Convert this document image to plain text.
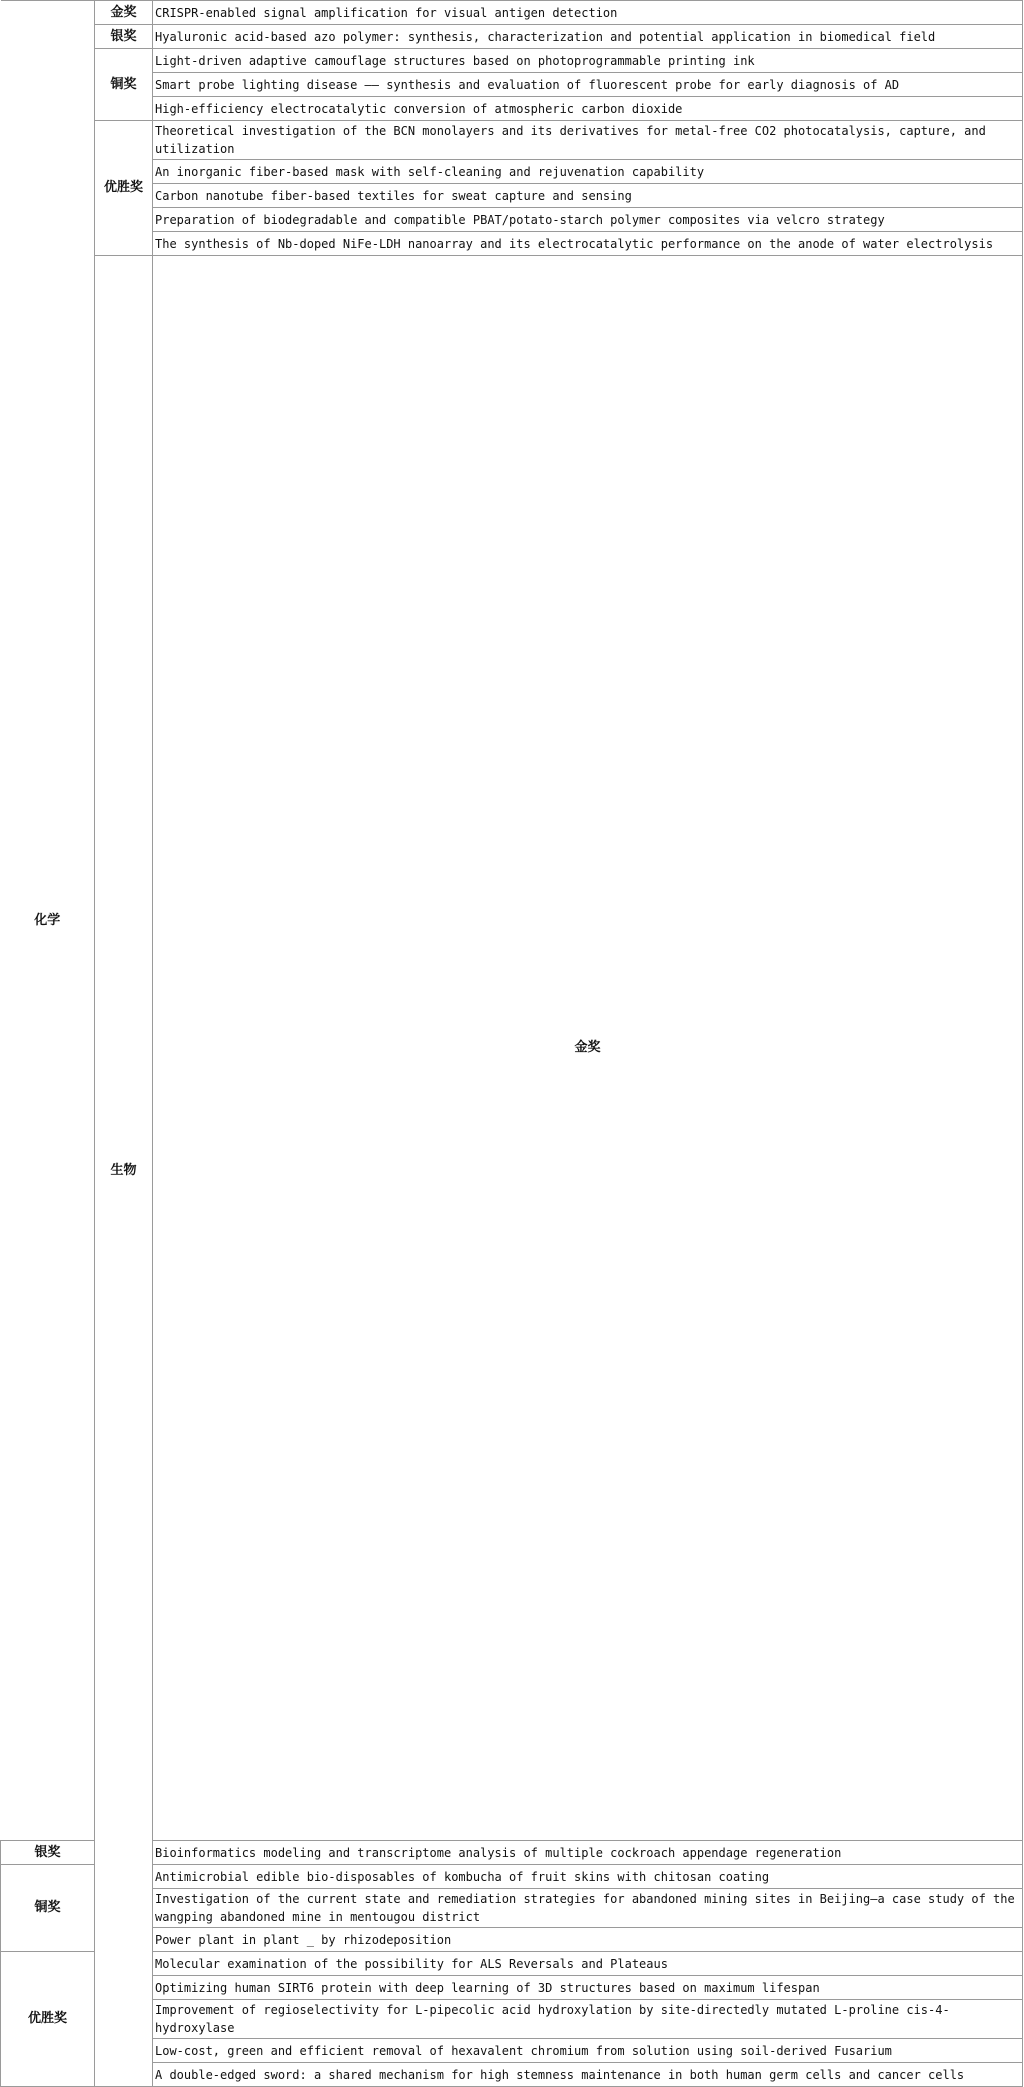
化学	金奖	CRISPR-enabled signal amplification for visual antigen detection	

	银奖	Hyaluronic acid-based azo polymer: synthesis, characterization and potential application in biomedical field	

	铜奖	Light-driven adaptive camouflage structures based on photoprogrammable printing ink	

		Smart probe lighting disease —— synthesis and evaluation of fluorescent probe for early diagnosis of AD	

		High-efficiency electrocatalytic conversion of atmospheric carbon dioxide	

	优胜奖	Theoretical investigation of the BCN monolayers and its derivatives for metal-free CO2 photocatalysis, capture, and utilization	

		An inorganic fiber-based mask with self-cleaning and rejuvenation capability	

		Carbon nanotube fiber-based textiles for sweat capture and sensing	

		Preparation of biodegradable and compatible PBAT/potato-starch polymer composites via velcro strategy	

		The synthesis of Nb-doped NiFe-LDH nanoarray and its electrocatalytic performance on the anode of water electrolysis	

	生物	金奖	

银奖		Bioinformatics modeling and transcriptome analysis of multiple cockroach appendage regeneration	

铜奖		Antimicrobial edible bio-disposables of kombucha of fruit skins with chitosan coating	

		Investigation of the current state and remediation strategies for abandoned mining sites in Beijing—a case study of the wangping abandoned mine in mentougou district	

		Power plant in plant _ by rhizodeposition	

优胜奖		Molecular examination of the possibility for ALS Reversals and Plateaus	

		Optimizing human SIRT6 protein with deep learning of 3D structures based on maximum lifespan	

		Improvement of regioselectivity for L-pipecolic acid hydroxylation by site-directedly mutated L-proline cis-4-hydroxylase	

		Low-cost, green and efficient removal of hexavalent chromium from solution using soil-derived Fusarium	

		A double-edged sword: a shared mechanism for high stemness maintenance in both human germ cells and cancer cells	
